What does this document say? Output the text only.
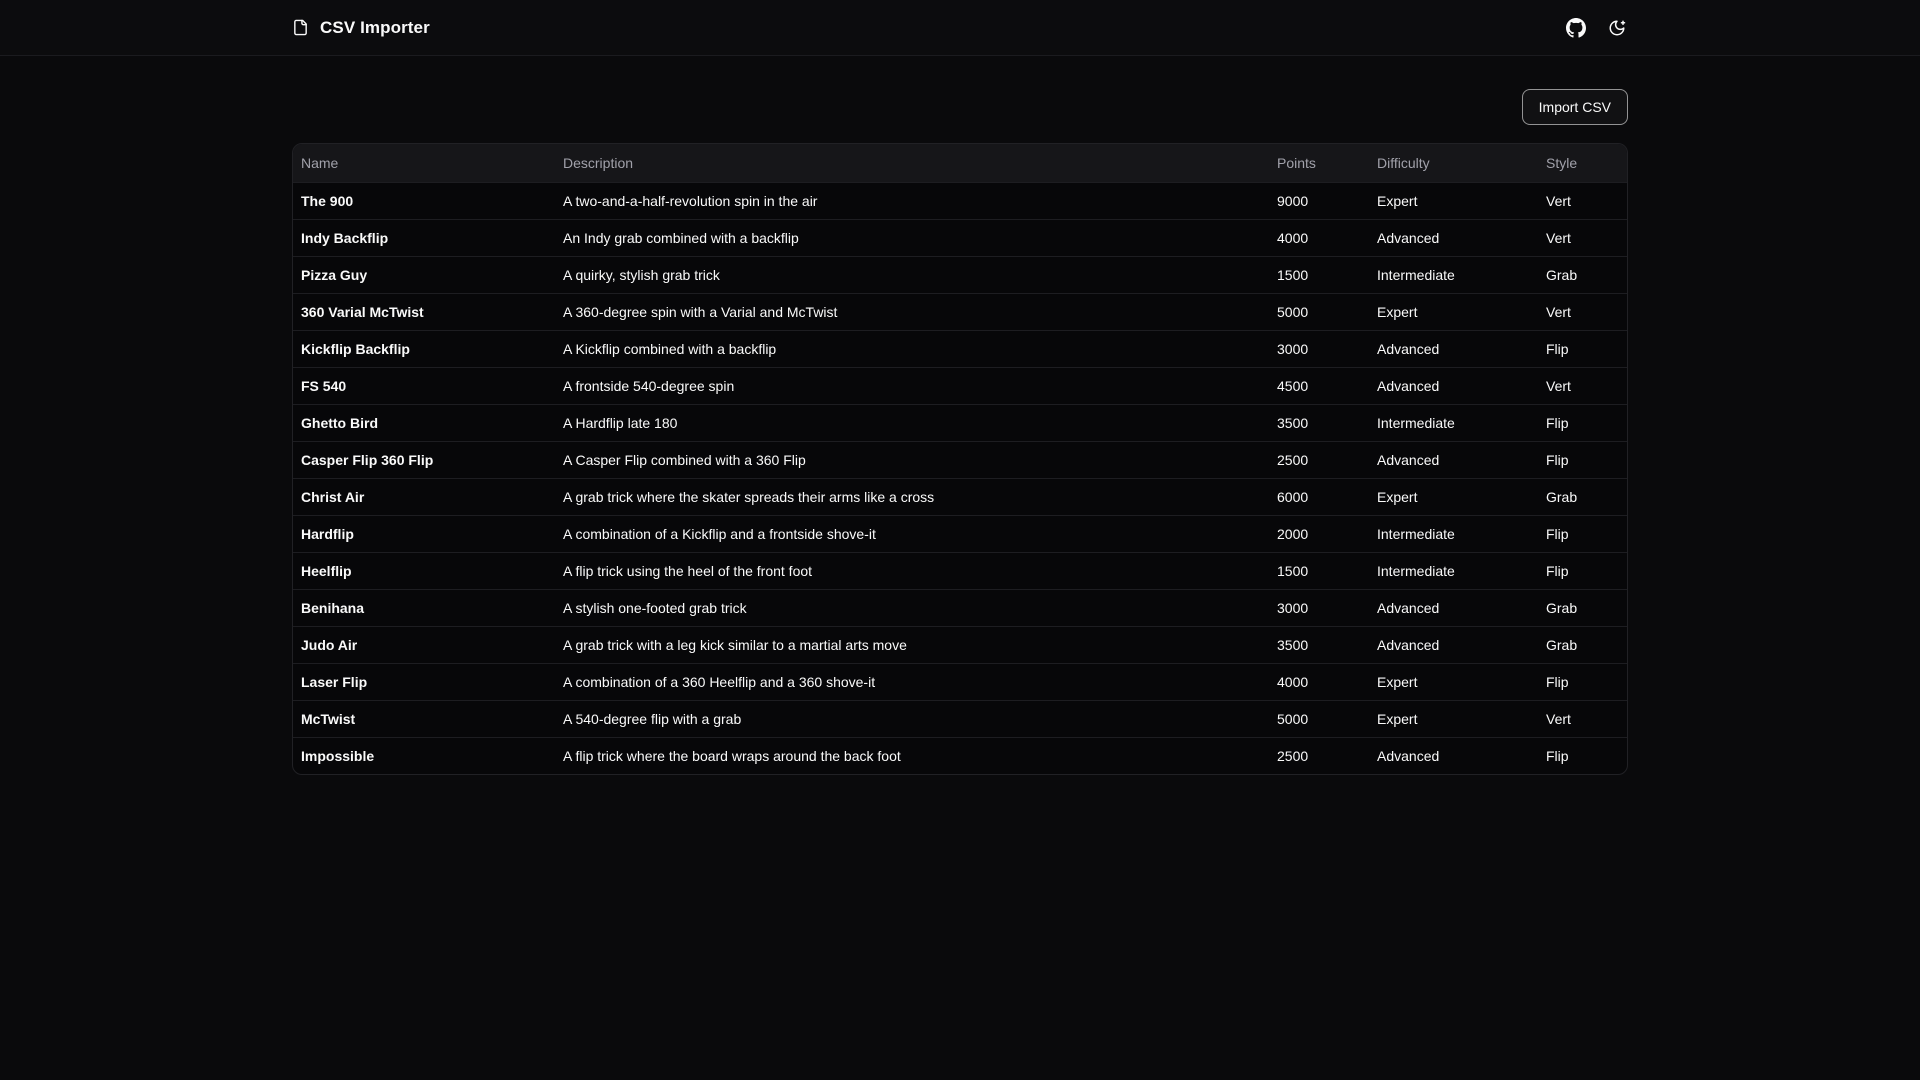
CSV Importer
Import CSV
Name	Description	Points	Difficulty	Style
The 900	A two-and-a-half-revolution spin in the air	9000	Expert	Vert
Indy Backflip	An Indy grab combined with a backflip	4000	Advanced	Vert
Pizza Guy	A quirky, stylish grab trick	1500	Intermediate	Grab
360 Varial McTwist	A 360-degree spin with a Varial and McTwist	5000	Expert	Vert
Kickflip Backflip	A Kickflip combined with a backflip	3000	Advanced	Flip
FS 540	A frontside 540-degree spin	4500	Advanced	Vert
Ghetto Bird	A Hardflip late 180	3500	Intermediate	Flip
Casper Flip 360 Flip	A Casper Flip combined with a 360 Flip	2500	Advanced	Flip
Christ Air	A grab trick where the skater spreads their arms like a cross	6000	Expert	Grab
Hardflip	A combination of a Kickflip and a frontside shove-it	2000	Intermediate	Flip
Heelflip	A flip trick using the heel of the front foot	1500	Intermediate	Flip
Benihana	A stylish one-footed grab trick	3000	Advanced	Grab
Judo Air	A grab trick with a leg kick similar to a martial arts move	3500	Advanced	Grab
Laser Flip	A combination of a 360 Heelflip and a 360 shove-it	4000	Expert	Flip
McTwist	A 540-degree flip with a grab	5000	Expert	Vert
Impossible	A flip trick where the board wraps around the back foot	2500	Advanced	Flip
